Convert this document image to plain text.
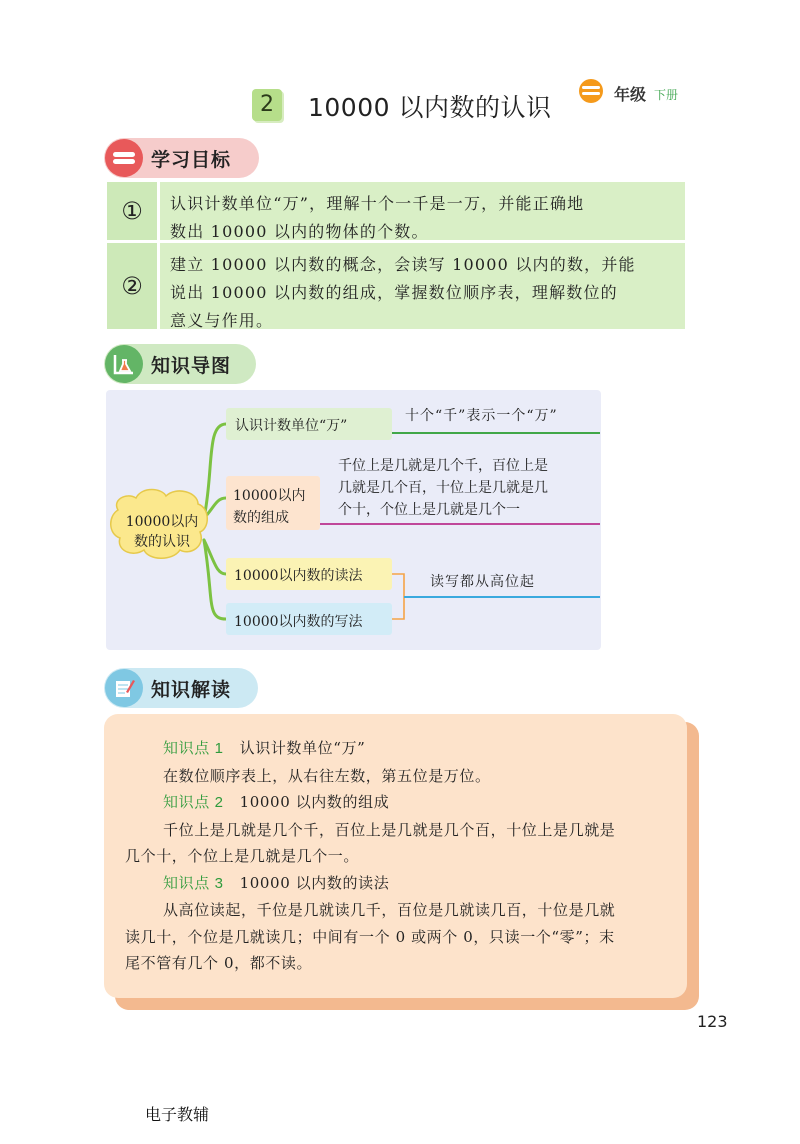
2	10000 以内数的认识	年级 下册
学习目标
①	认识计数单位“万”，理解十个一千是一万，并能正确地
数出 10000 以内的物体的个数。
②
建立 10000 以内数的概念，会读写 10000 以内的数，并能
说出 10000 以内数的组成，掌握数位顺序表，理解数位的
意义与作用。
知识导图
10000以内
数的认识
认识计数单位“万”
10000以内
数的组成
10000以内数的读法
10000以内数的写法
十个“千”表示一个“万”
千位上是几就是几个千，百位上是
几就是几个百，十位上是几就是几
个十，个位上是几就是几个一
读写都从高位起
知识解读
知识点 1 认识计数单位“万”
在数位顺序表上，从右往左数，第五位是万位。
知识点 2 10000 以内数的组成
千位上是几就是几个千，百位上是几就是几个百，十位上是几就是
几个十，个位上是几就是几个一。
知识点 3 10000 以内数的读法
从高位读起，千位是几就读几千，百位是几就读几百，十位是几就
读几十，个位是几就读几；中间有一个 0 或两个 0，只读一个“零”；末
尾不管有几个 0，都不读。
123
电子教辅
